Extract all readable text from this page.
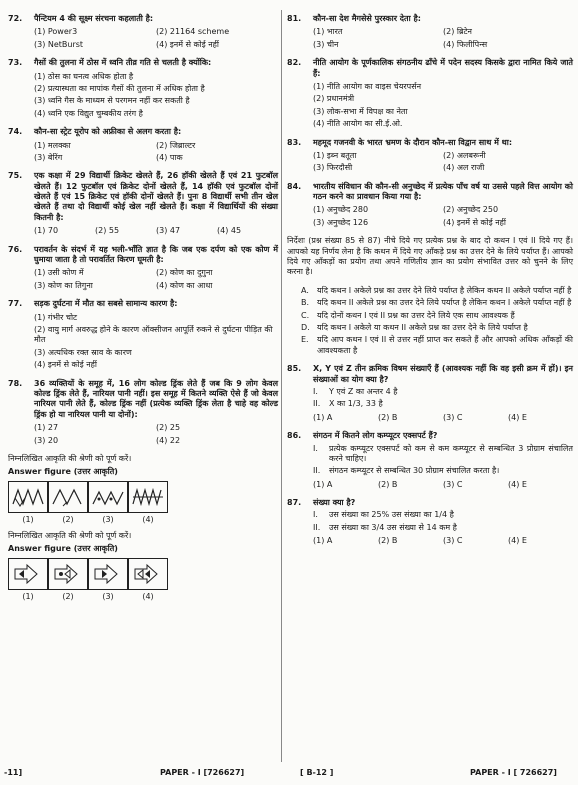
72.	पैन्टियम 4 की सूक्ष्म संरचना कहलाती है:
(1) Power3	(2) 21164 scheme
(3) NetBurst	(4) इनमें से कोई नहीं
73.	गैसों की तुलना में ठोस में ध्वनि तीव्र गति से चलती है क्योंकि:
(1) ठोस का घनत्व अधिक होता है
(2) प्रत्यास्थता का मापांक गैसों की तुलना में अधिक होता है
(3) ध्वनि गैस के माध्यम से परगमन नहीं कर सकती है
(4) ध्वनि एक विद्युत चुम्बकीय तरंग है
74.	कौन-सा स्ट्रेट यूरोप को अफ्रीका से अलग करता है:
(1) मलक्का	(2) जिब्राल्टर
(3) बेरिंग	(4) पाक
75.	एक कक्षा में 29 विद्यार्थी क्रिकेट खेलते हैं, 26 हॉकी खेलते हैं एवं 21 फुटबॉल खेलते हैं। 12 फुटबॉल एवं क्रिकेट दोनों खेलते हैं, 14 हॉकी एवं फुटबॉल दोनों खेलते हैं एवं 15 क्रिकेट एवं हॉकी दोनों खेलते हैं। पुनः 8 विद्यार्थी सभी तीन खेल खेलते हैं तथा दो विद्यार्थी कोई खेल नहीं खेलते हैं। कक्षा में विद्यार्थियों की संख्या कितनी है:
(1) 70	(2) 55	(3) 47	(4) 45
76.	परावर्तन के संदर्भ में यह भली-भाँति ज्ञात है कि जब एक दर्पण को एक कोण में घुमाया जाता है तो परावर्तित किरण घूमती है:
(1) उसी कोण में	(2) कोण का दुगुना
(3) कोण का तिगुना	(4) कोण का आधा
77.	सड़क दुर्घटना में मौत का सबसे सामान्य कारण है:
(1) गंभीर चोट
(2) वायु मार्ग अवरुद्ध होने के कारण ऑक्सीजन आपूर्ति रुकने से दुर्घटना पीड़ित की मौत
(3) अत्यधिक रक्त स्राव के कारण
(4) इनमें से कोई नहीं
78.	36 व्यक्तियों के समूह में, 16 लोग कोल्ड ड्रिंक लेते हैं जब कि 9 लोग केवल कोल्ड ड्रिंक लेते हैं, नारियल पानी नहीं। इस समूह में कितने व्यक्ति ऐसे हैं जो केवल नारियल पानी लेते हैं, कोल्ड ड्रिंक नहीं (प्रत्येक व्यक्ति ड्रिंक लेता है चाहे वह कोल्ड ड्रिंक हो या नारियल पानी या दोनों):
(1) 27	(2) 25
(3) 20	(4) 22
निम्नलिखित आकृति की श्रेणी को पूर्ण करें।
Answer figure (उत्तर आकृति)
(1)	(2)	(3)	(4)
निम्नलिखित आकृति की श्रेणी को पूर्ण करें।
Answer figure (उत्तर आकृति)
(1)	(2)	(3)	(4)
81.	कौन-सा देश मैगसेसे पुरस्कार देता है:
(1) भारत	(2) ब्रिटेन
(3) चीन	(4) फिलीपिन्स
82.	नीति आयोग के पूर्णकालिक संगठनीय ढाँचे में पदेन सदस्य किसके द्वारा नामित किये जाते हैं:
(1) नीति आयोग का वाइस चेयरपर्सन
(2) प्रधानमंत्री
(3) लोक-सभा में विपक्ष का नेता
(4) नीति आयोग का सी.ई.ओ.
83.	महमूद गजनवी के भारत भ्रमण के दौरान कौन-सा विद्वान साथ में था:
(1) इब्न बतूता	(2) अलबरूनी
(3) फिरदौसी	(4) अल राजी
84.	भारतीय संविधान की कौन-सी अनुच्छेद में प्रत्येक पाँच वर्ष या उससे पहले वित्त आयोग को गठन करने का प्रावधान किया गया है:
(1) अनुच्छेद 280	(2) अनुच्छेद 250
(3) अनुच्छेद 126	(4) इनमें से कोई नहीं
निर्देशः (प्रश्न संख्या 85 से 87) नीचे दिये गए प्रत्येक प्रश्न के बाद दो कथन I एवं II दिये गए हैं। आपको यह निर्णय लेना है कि कथन में दिये गए आँकड़े प्रश्न का उत्तर देने के लिये पर्याप्त हैं। आपको दिये गए आँकड़ों का प्रयोग तथा अपने गणितीय ज्ञान का प्रयोग संभावित उत्तर को चुनने के लिए करना है।
A.	यदि कथन I अकेले प्रश्न का उत्तर देने लिये पर्याप्त है लेकिन कथन II अकेले पर्याप्त नहीं है
B. यदि कथन II अकेले प्रश्न का उत्तर देने लिये पर्याप्त है लेकिन कथन I अकेले पर्याप्त नहीं है
C. यदि दोनों कथन I एवं II प्रश्न का उत्तर देने लिये एक साथ आवश्यक हैं
D. यदि कथन I अकेले या कथन II अकेले प्रश्न का उत्तर देने के लिये पर्याप्त है
E.	यदि आप कथन I एवं II से उत्तर नहीं प्राप्त कर सकते हैं और आपको अधिक आँकड़ों की आवश्यकता है
85.	X, Y एवं Z तीन क्रमिक विषम संख्याएँ हैं (आवश्यक नहीं कि वह इसी क्रम में हों)। इन संख्याओं का योग क्या है?
I.	Y एवं Z का अन्तर 4 है
II.	X का 1/3, 33 है
(1) A	(2) B	(3) C	(4) E
86.	संगठन में कितने लोग कम्प्यूटर एक्सपर्ट हैं?
I.	प्रत्येक कम्प्यूटर एक्सपर्ट को कम से कम कम्प्यूटर से सम्बन्धित 3 प्रोग्राम संचालित करने चाहिए।
II.	संगठन कम्प्यूटर से सम्बन्धित 30 प्रोग्राम संचालित करता है।
(1) A	(2) B	(3) C	(4) E
87.	संख्या क्या है?
I.	उस संख्या का 25% उस संख्या का 1/4 है
II.	उस संख्या का 3/4 उस संख्या से 14 कम है
(1) A	(2) B	(3) C	(4) E
-11]	PAPER - I [726627]	[ B-12 ]	PAPER - I [ 726627]
